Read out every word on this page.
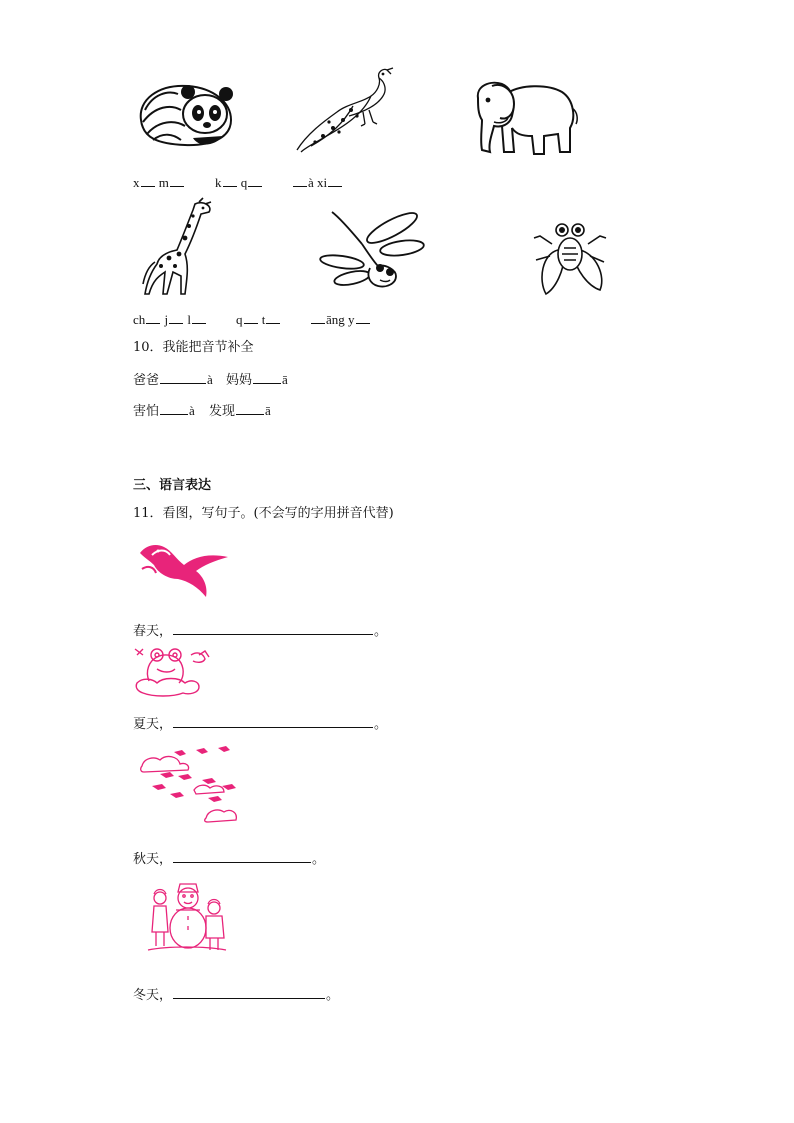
x m	k q	à xi
ch j l	q t	āng y
10．我能把音节补全
爸爸	à 妈妈 ā
害怕 à 发现 ā
三、语言表达
11．看图，写句子。(不会写的字用拼音代替)
春天，	。
夏天，	。
秋天，	。
冬天，	。
